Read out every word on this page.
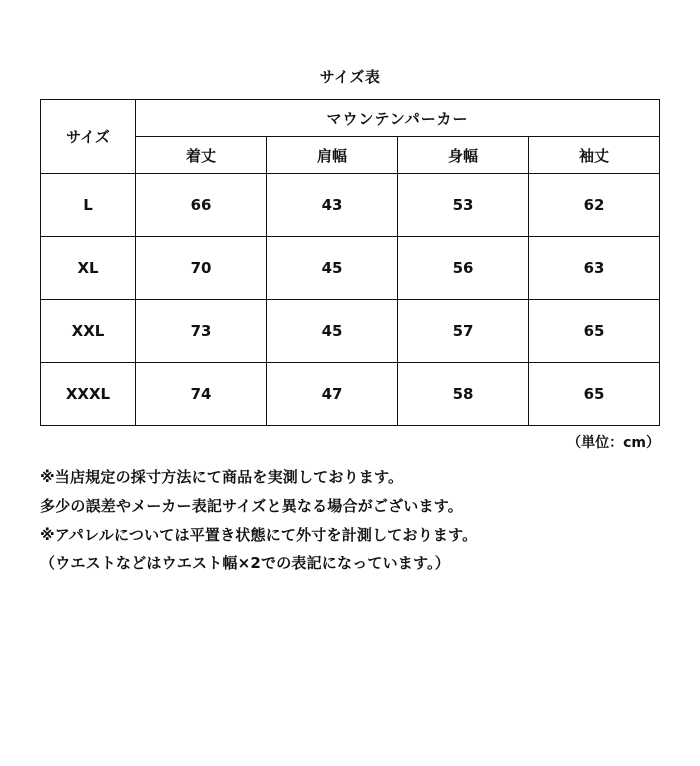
サイズ表
サイズ	マウンテンパーカー			
	着丈	肩幅	身幅	袖丈
L	66	43	53	62
XL	70	45	56	63
XXL	73	45	57	65
XXXL	74	47	58	65
（単位：cm）

※当店規定の採寸方法にて商品を実測しております。

多少の誤差やメーカー表記サイズと異なる場合がございます。

※アパレルについては平置き状態にて外寸を計測しております。

（ウエストなどはウエスト幅×2での表記になっています。）
